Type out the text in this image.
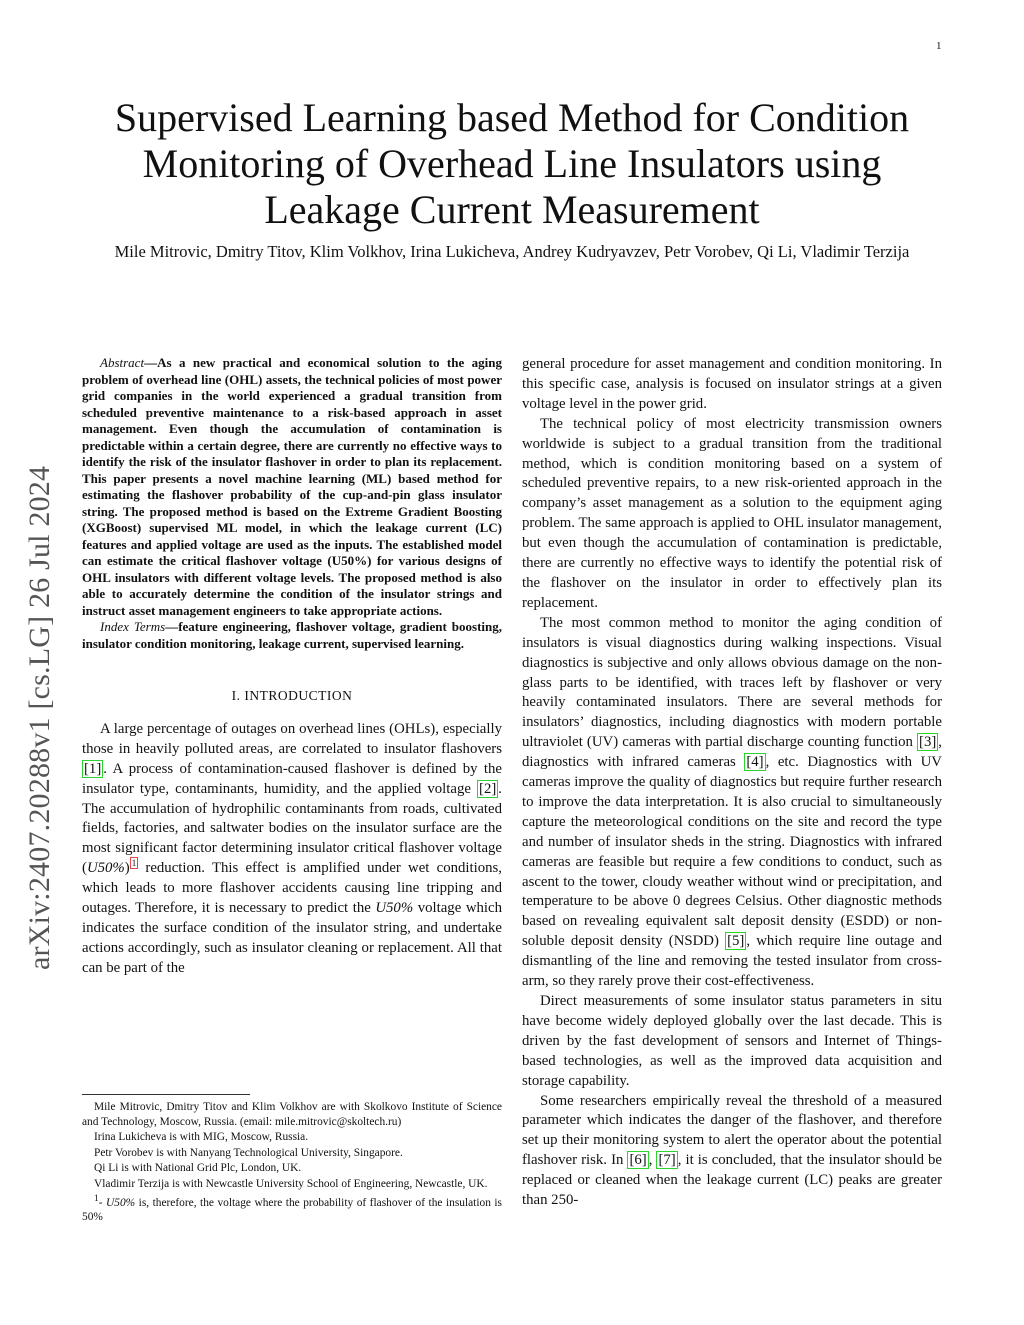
1
arXiv:2407.20288v1 [cs.LG] 26 Jul 2024
Supervised Learning based Method for Condition Monitoring of Overhead Line Insulators using Leakage Current Measurement

Mile Mitrovic, Dmitry Titov, Klim Volkhov, Irina Lukicheva, Andrey Kudryavzev, Petr Vorobev, Qi Li, Vladimir Terzija

Abstract—As a new practical and economical solution to the aging problem of overhead line (OHL) assets, the technical policies of most power grid companies in the world experienced a gradual transition from scheduled preventive maintenance to a risk-based approach in asset management. Even though the accumulation of contamination is predictable within a certain degree, there are currently no effective ways to identify the risk of the insulator flashover in order to plan its replacement. This paper presents a novel machine learning (ML) based method for estimating the flashover probability of the cup-and-pin glass insulator string. The proposed method is based on the Extreme Gradient Boosting (XGBoost) supervised ML model, in which the leakage current (LC) features and applied voltage are used as the inputs. The established model can estimate the critical flashover voltage (U50%) for various designs of OHL insulators with different voltage levels. The proposed method is also able to accurately determine the condition of the insulator strings and instruct asset management engineers to take appropriate actions.

Index Terms—feature engineering, flashover voltage, gradient boosting, insulator condition monitoring, leakage current, supervised learning.

I. INTRODUCTION

A large percentage of outages on overhead lines (OHLs), especially those in heavily polluted areas, are correlated to insulator flashovers [1] . A process of contamination-caused flashover is defined by the insulator type, contaminants, humidity, and the applied voltage [2] . The accumulation of hydrophilic contaminants from roads, cultivated fields, factories, and saltwater bodies on the insulator surface are the most significant factor determining insulator critical flashover voltage (U50%) $^1$ reduction. This effect is amplified under wet conditions, which leads to more flashover accidents causing line tripping and outages. Therefore, it is necessary to predict the U50% voltage which indicates the surface condition of the insulator string, and undertake actions accordingly, such as insulator cleaning or replacement. All that can be part of the

general procedure for asset management and condition monitoring. In this specific case, analysis is focused on insulator strings at a given voltage level in the power grid.

The technical policy of most electricity transmission owners worldwide is subject to a gradual transition from the traditional method, which is condition monitoring based on a system of scheduled preventive repairs, to a new risk-oriented approach in the company’s asset management as a solution to the equipment aging problem. The same approach is applied to OHL insulator management, but even though the accumulation of contamination is predictable, there are currently no effective ways to identify the potential risk of the flashover on the insulator in order to effectively plan its replacement.

The most common method to monitor the aging condition of insulators is visual diagnostics during walking inspections. Visual diagnostics is subjective and only allows obvious damage on the non-glass parts to be identified, with traces left by flashover or very heavily contaminated insulators. There are several methods for insulators’ diagnostics, including diagnostics with modern portable ultraviolet (UV) cameras with partial discharge counting function [3] , diagnostics with infrared cameras [4] , etc. Diagnostics with UV cameras improve the quality of diagnostics but require further research to improve the data interpretation. It is also crucial to simultaneously capture the meteorological conditions on the site and record the type and number of insulator sheds in the string. Diagnostics with infrared cameras are feasible but require a few conditions to conduct, such as ascent to the tower, cloudy weather without wind or precipitation, and temperature to be above 0 degrees Celsius. Other diagnostic methods based on revealing equivalent salt deposit density (ESDD) or non-soluble deposit density (NSDD) [5] , which require line outage and dismantling of the line and removing the tested insulator from cross-arm, so they rarely prove their cost-effectiveness.

Direct measurements of some insulator status parameters in situ have become widely deployed globally over the last decade. This is driven by the fast development of sensors and Internet of Things-based technologies, as well as the improved data acquisition and storage capability.

Some researchers empirically reveal the threshold of a measured parameter which indicates the danger of the flashover, and therefore set up their monitoring system to alert the operator about the potential flashover risk. In [6] , [7] , it is concluded, that the insulator should be replaced or cleaned when the leakage current (LC) peaks are greater than 250-

Mile Mitrovic, Dmitry Titov and Klim Volkhov are with Skolkovo Institute of Science and Technology, Moscow, Russia. (email: mile.mitrovic@skoltech.ru)

Irina Lukicheva is with MIG, Moscow, Russia.

Petr Vorobev is with Nanyang Technological University, Singapore.

Qi Li is with National Grid Plc, London, UK.

Vladimir Terzija is with Newcastle University School of Engineering, Newcastle, UK.

$^1$- U50% is, therefore, the voltage where the probability of flashover of the insulation is 50%
